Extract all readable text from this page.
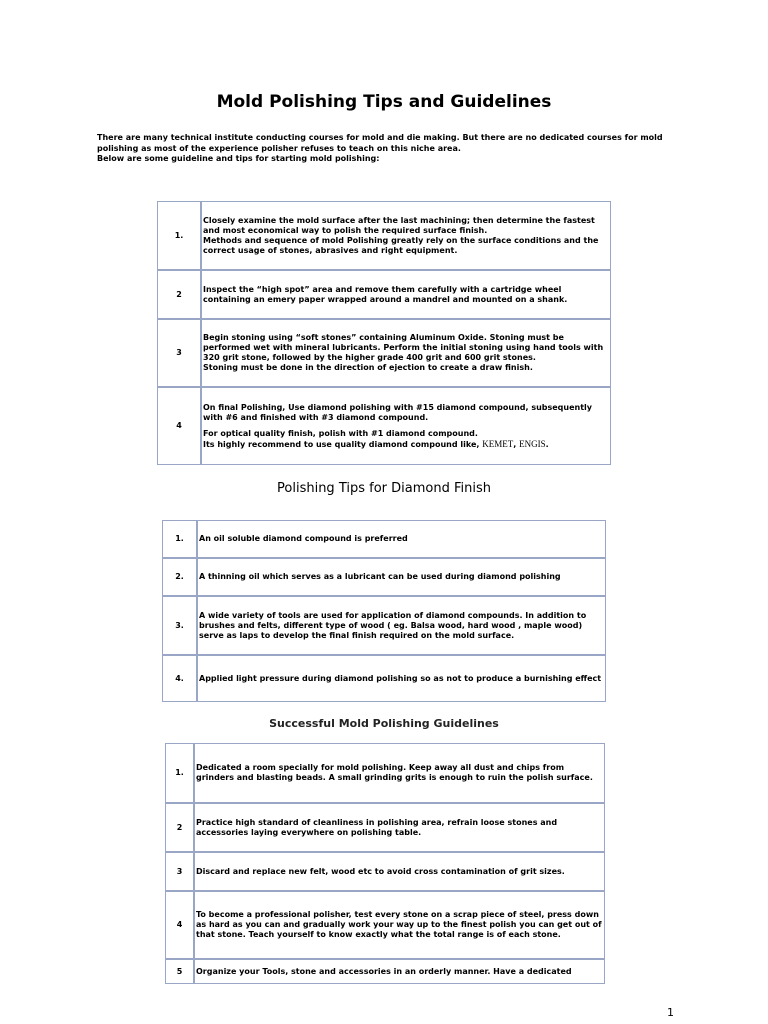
Mold Polishing Tips and Guidelines

There are many technical institute conducting courses for mold and die making. But there are no dedicated courses for mold polishing as most of the experience polisher refuses to teach on this niche area.

Below are some guideline and tips for starting mold polishing:

1.	Closely examine the mold surface after the last machining; then determine the fastest and most economical way to polish the required surface finish.

Methods and sequence of mold Polishing greatly rely on the surface conditions and the correct usage of stones, abrasives and right equipment.

2	Inspect the “high spot” area and remove them carefully with a cartridge wheel containing an emery paper wrapped around a mandrel and mounted on a shank.
3	Begin stoning using “soft stones” containing Aluminum Oxide. Stoning must be performed wet with mineral lubricants. Perform the initial stoning using hand tools with 320 grit stone, followed by the higher grade 400 grit and 600 grit stones.

Stoning must be done in the direction of ejection to create a draw finish.

4	On final Polishing, Use diamond polishing with #15 diamond compound, subsequently with #6 and finished with #3 diamond compound.

For optical quality finish, polish with #1 diamond compound.

Its highly recommend to use quality diamond compound like, KEMET, ENGIS.

Polishing Tips for Diamond Finish
1.	An oil soluble diamond compound is preferred
2.	A thinning oil which serves as a lubricant can be used during diamond polishing
3.	A wide variety of tools are used for application of diamond compounds. In addition to brushes and felts, different type of wood ( eg. Balsa wood, hard wood , maple wood) serve as laps to develop the final finish required on the mold surface.
4.	Applied light pressure during diamond polishing so as not to produce a burnishing effect
Successful Mold Polishing Guidelines
1.	Dedicated a room specially for mold polishing. Keep away all dust and chips from grinders and blasting beads. A small grinding grits is enough to ruin the polish surface.
2	Practice high standard of cleanliness in polishing area, refrain loose stones and accessories laying everywhere on polishing table.
3	Discard and replace new felt, wood etc to avoid cross contamination of grit sizes.
4	To become a professional polisher, test every stone on a scrap piece of steel, press down as hard as you can and gradually work your way up to the finest polish you can get out of that stone. Teach yourself to know exactly what the total range is of each stone.
5	Organize your Tools, stone and accessories in an orderly manner. Have a dedicated
1
